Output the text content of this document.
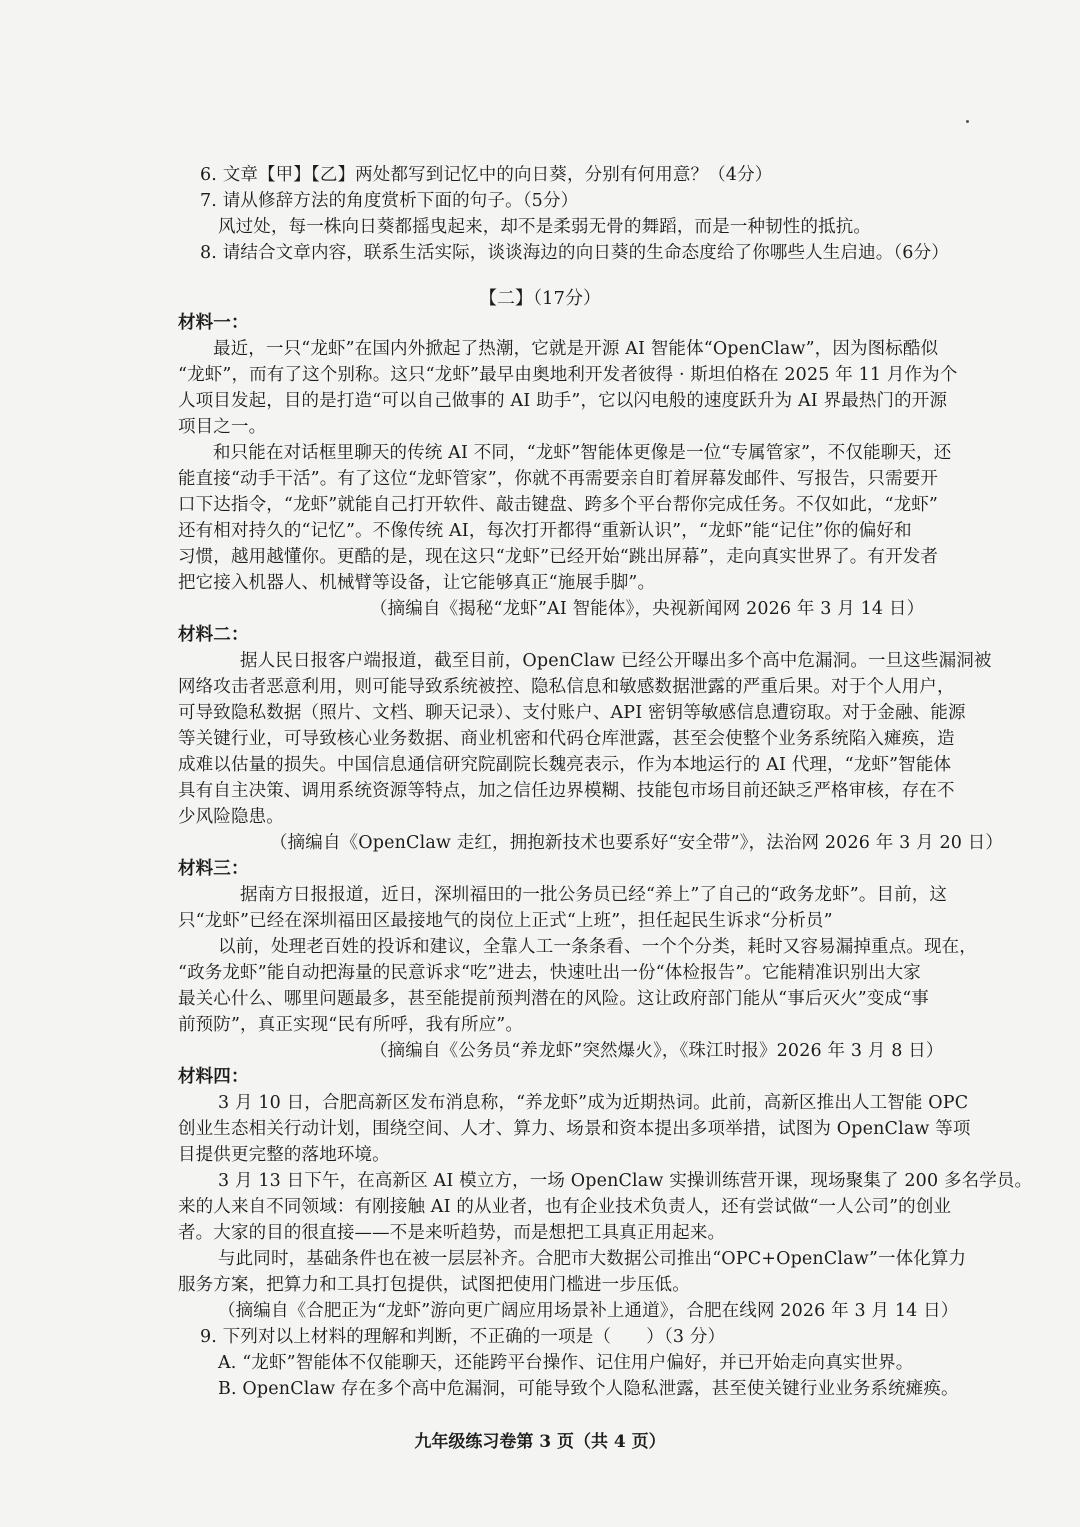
6. 文章【甲】【乙】两处都写到记忆中的向日葵，分别有何用意？（4分）
7. 请从修辞方法的角度赏析下面的句子。（5分）
风过处，每一株向日葵都摇曳起来，却不是柔弱无骨的舞蹈，而是一种韧性的抵抗。
8. 请结合文章内容，联系生活实际，谈谈海边的向日葵的生命态度给了你哪些人生启迪。（6分）
【二】（17分）
材料一：
最近，一只“龙虾”在国内外掀起了热潮，它就是开源 AI 智能体“OpenClaw”，因为图标酷似
“龙虾”，而有了这个别称。这只“龙虾”最早由奥地利开发者彼得 · 斯坦伯格在 2025 年 11 月作为个
人项目发起，目的是打造“可以自己做事的 AI 助手”，它以闪电般的速度跃升为 AI 界最热门的开源
项目之一。
和只能在对话框里聊天的传统 AI 不同，“龙虾”智能体更像是一位“专属管家”，不仅能聊天，还
能直接“动手干活”。有了这位“龙虾管家”，你就不再需要亲自盯着屏幕发邮件、写报告，只需要开
口下达指令，“龙虾”就能自己打开软件、敲击键盘、跨多个平台帮你完成任务。不仅如此，“龙虾”
还有相对持久的“记忆”。不像传统 AI，每次打开都得“重新认识”，“龙虾”能“记住”你的偏好和
习惯，越用越懂你。更酷的是，现在这只“龙虾”已经开始“跳出屏幕”，走向真实世界了。有开发者
把它接入机器人、机械臂等设备，让它能够真正“施展手脚”。
（摘编自《揭秘“龙虾”AI 智能体》，央视新闻网 2026 年 3 月 14 日）
材料二：
据人民日报客户端报道，截至目前，OpenClaw 已经公开曝出多个高中危漏洞。一旦这些漏洞被
网络攻击者恶意利用，则可能导致系统被控、隐私信息和敏感数据泄露的严重后果。对于个人用户，
可导致隐私数据（照片、文档、聊天记录）、支付账户、API 密钥等敏感信息遭窃取。对于金融、能源
等关键行业，可导致核心业务数据、商业机密和代码仓库泄露，甚至会使整个业务系统陷入瘫痪，造
成难以估量的损失。中国信息通信研究院副院长魏亮表示，作为本地运行的 AI 代理，“龙虾”智能体
具有自主决策、调用系统资源等特点，加之信任边界模糊、技能包市场目前还缺乏严格审核，存在不
少风险隐患。
（摘编自《OpenClaw 走红，拥抱新技术也要系好“安全带”》，法治网 2026 年 3 月 20 日）
材料三：
据南方日报报道，近日，深圳福田的一批公务员已经“养上”了自己的“政务龙虾”。目前，这
只“龙虾”已经在深圳福田区最接地气的岗位上正式“上班”，担任起民生诉求“分析员”
以前，处理老百姓的投诉和建议，全靠人工一条条看、一个个分类，耗时又容易漏掉重点。现在，
“政务龙虾”能自动把海量的民意诉求“吃”进去，快速吐出一份“体检报告”。它能精准识别出大家
最关心什么、哪里问题最多，甚至能提前预判潜在的风险。这让政府部门能从“事后灭火”变成“事
前预防”，真正实现“民有所呼，我有所应”。
（摘编自《公务员“养龙虾”突然爆火》，《珠江时报》2026 年 3 月 8 日）
材料四：
3 月 10 日，合肥高新区发布消息称，“养龙虾”成为近期热词。此前，高新区推出人工智能 OPC
创业生态相关行动计划，围绕空间、人才、算力、场景和资本提出多项举措，试图为 OpenClaw 等项
目提供更完整的落地环境。
3 月 13 日下午，在高新区 AI 模立方，一场 OpenClaw 实操训练营开课，现场聚集了 200 多名学员。
来的人来自不同领域：有刚接触 AI 的从业者，也有企业技术负责人，还有尝试做“一人公司”的创业
者。大家的目的很直接——不是来听趋势，而是想把工具真正用起来。
与此同时，基础条件也在被一层层补齐。合肥市大数据公司推出“OPC+OpenClaw”一体化算力
服务方案，把算力和工具打包提供，试图把使用门槛进一步压低。
（摘编自《合肥正为“龙虾”游向更广阔应用场景补上通道》，合肥在线网 2026 年 3 月 14 日）
9. 下列对以上材料的理解和判断，不正确的一项是（　　）（3 分）
A. “龙虾”智能体不仅能聊天，还能跨平台操作、记住用户偏好，并已开始走向真实世界。
B. OpenClaw 存在多个高中危漏洞，可能导致个人隐私泄露，甚至使关键行业业务系统瘫痪。
九年级练习卷第 3 页（共 4 页）
